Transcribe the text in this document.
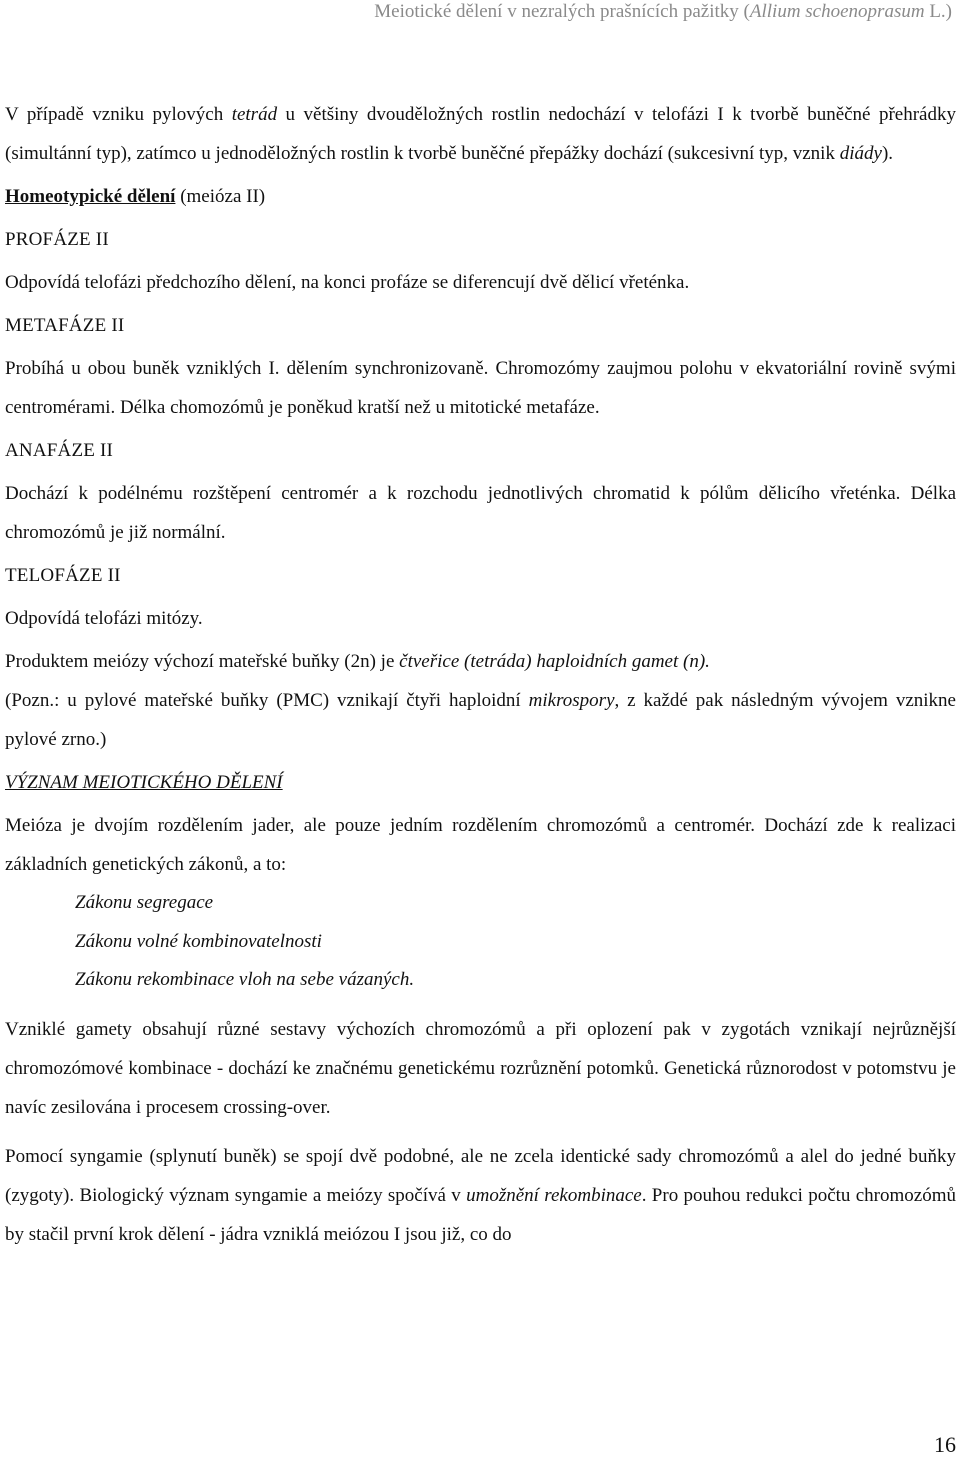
Meiotické dělení v nezralých prašnících pažitky (Allium schoenoprasum L.)

V případě vzniku pylových tetrád u většiny dvouděložných rostlin nedochází v telofázi I k tvorbě buněčné přehrádky (simultánní typ), zatímco u jednoděložných rostlin k tvorbě buněčné přepážky dochází (sukcesivní typ, vznik diády).

Homeotypické dělení (meióza II)

PROFÁZE II

Odpovídá telofázi předchozího dělení, na konci profáze se diferencují dvě dělicí vřeténka.

METAFÁZE II

Probíhá u obou buněk vzniklých I. dělením synchronizovaně. Chromozómy zaujmou polohu v ekvatoriální rovině svými centromérami. Délka chomozómů je poněkud kratší než u mitotické metafáze.

ANAFÁZE II

Dochází k podélnému rozštěpení centromér a k rozchodu jednotlivých chromatid k pólům dělicího vřeténka. Délka chromozómů je již normální.

TELOFÁZE II

Odpovídá telofázi mitózy.

Produktem meiózy výchozí mateřské buňky (2n) je čtveřice (tetráda) haploidních gamet (n).

(Pozn.: u pylové mateřské buňky (PMC) vznikají čtyři haploidní mikrospory, z každé pak následným vývojem vznikne pylové zrno.)

VÝZNAM MEIOTICKÉHO DĚLENÍ

Meióza je dvojím rozdělením jader, ale pouze jedním rozdělením chromozómů a centromér. Dochází zde k realizaci základních genetických zákonů, a to:

Zákonu segregace

Zákonu volné kombinovatelnosti

Zákonu rekombinace vloh na sebe vázaných.

Vzniklé gamety obsahují různé sestavy výchozích chromozómů a při oplození pak v zygotách vznikají nejrůznější chromozómové kombinace - dochází ke značnému genetickému rozrůznění potomků. Genetická různorodost v potomstvu je navíc zesilována i procesem crossing-over.

Pomocí syngamie (splynutí buněk) se spojí dvě podobné, ale ne zcela identické sady chromozómů a alel do jedné buňky (zygoty). Biologický význam syngamie a meiózy spočívá v umožnění rekombinace. Pro pouhou redukci počtu chromozómů by stačil první krok dělení - jádra vzniklá meiózou I jsou již, co do

16
